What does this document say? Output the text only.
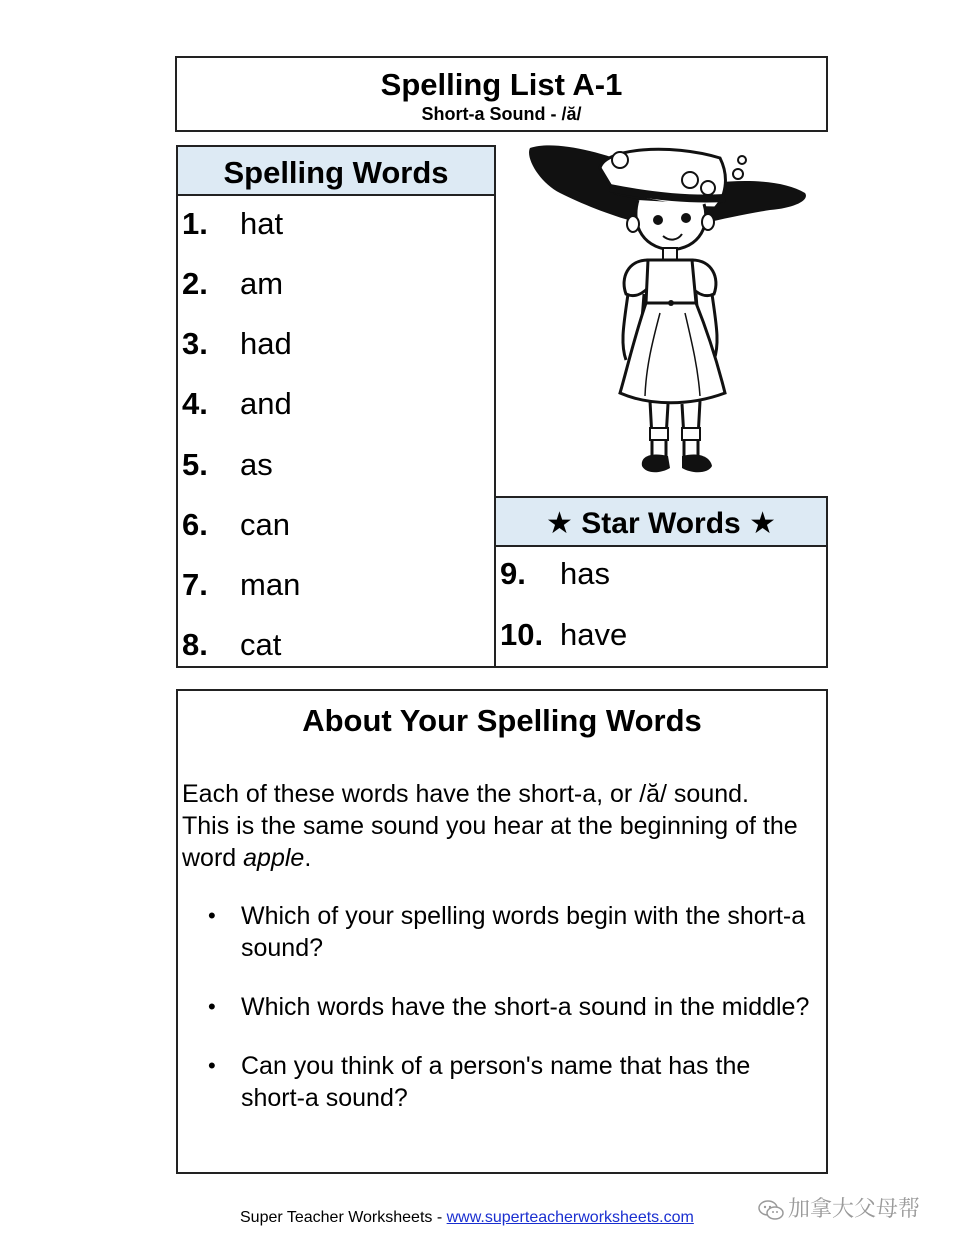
Spelling List A-1
Short-a Sound - /ă/
Spelling Words
1. hat
2. am
3. had
4. and
5. as
6. can
7. man
8. cat
★ Star Words ★
9. has
10. have
About Your Spelling Words
Each of these words have the short-a, or /ă/ sound. This is the same sound you hear at the beginning of the word apple.
• Which of your spelling words begin with the short-a sound?
• Which words have the short-a sound in the middle?
• Can you think of a person's name that has the short-a sound?
Super Teacher Worksheets - www.superteacherworksheets.com	加拿大父母帮
